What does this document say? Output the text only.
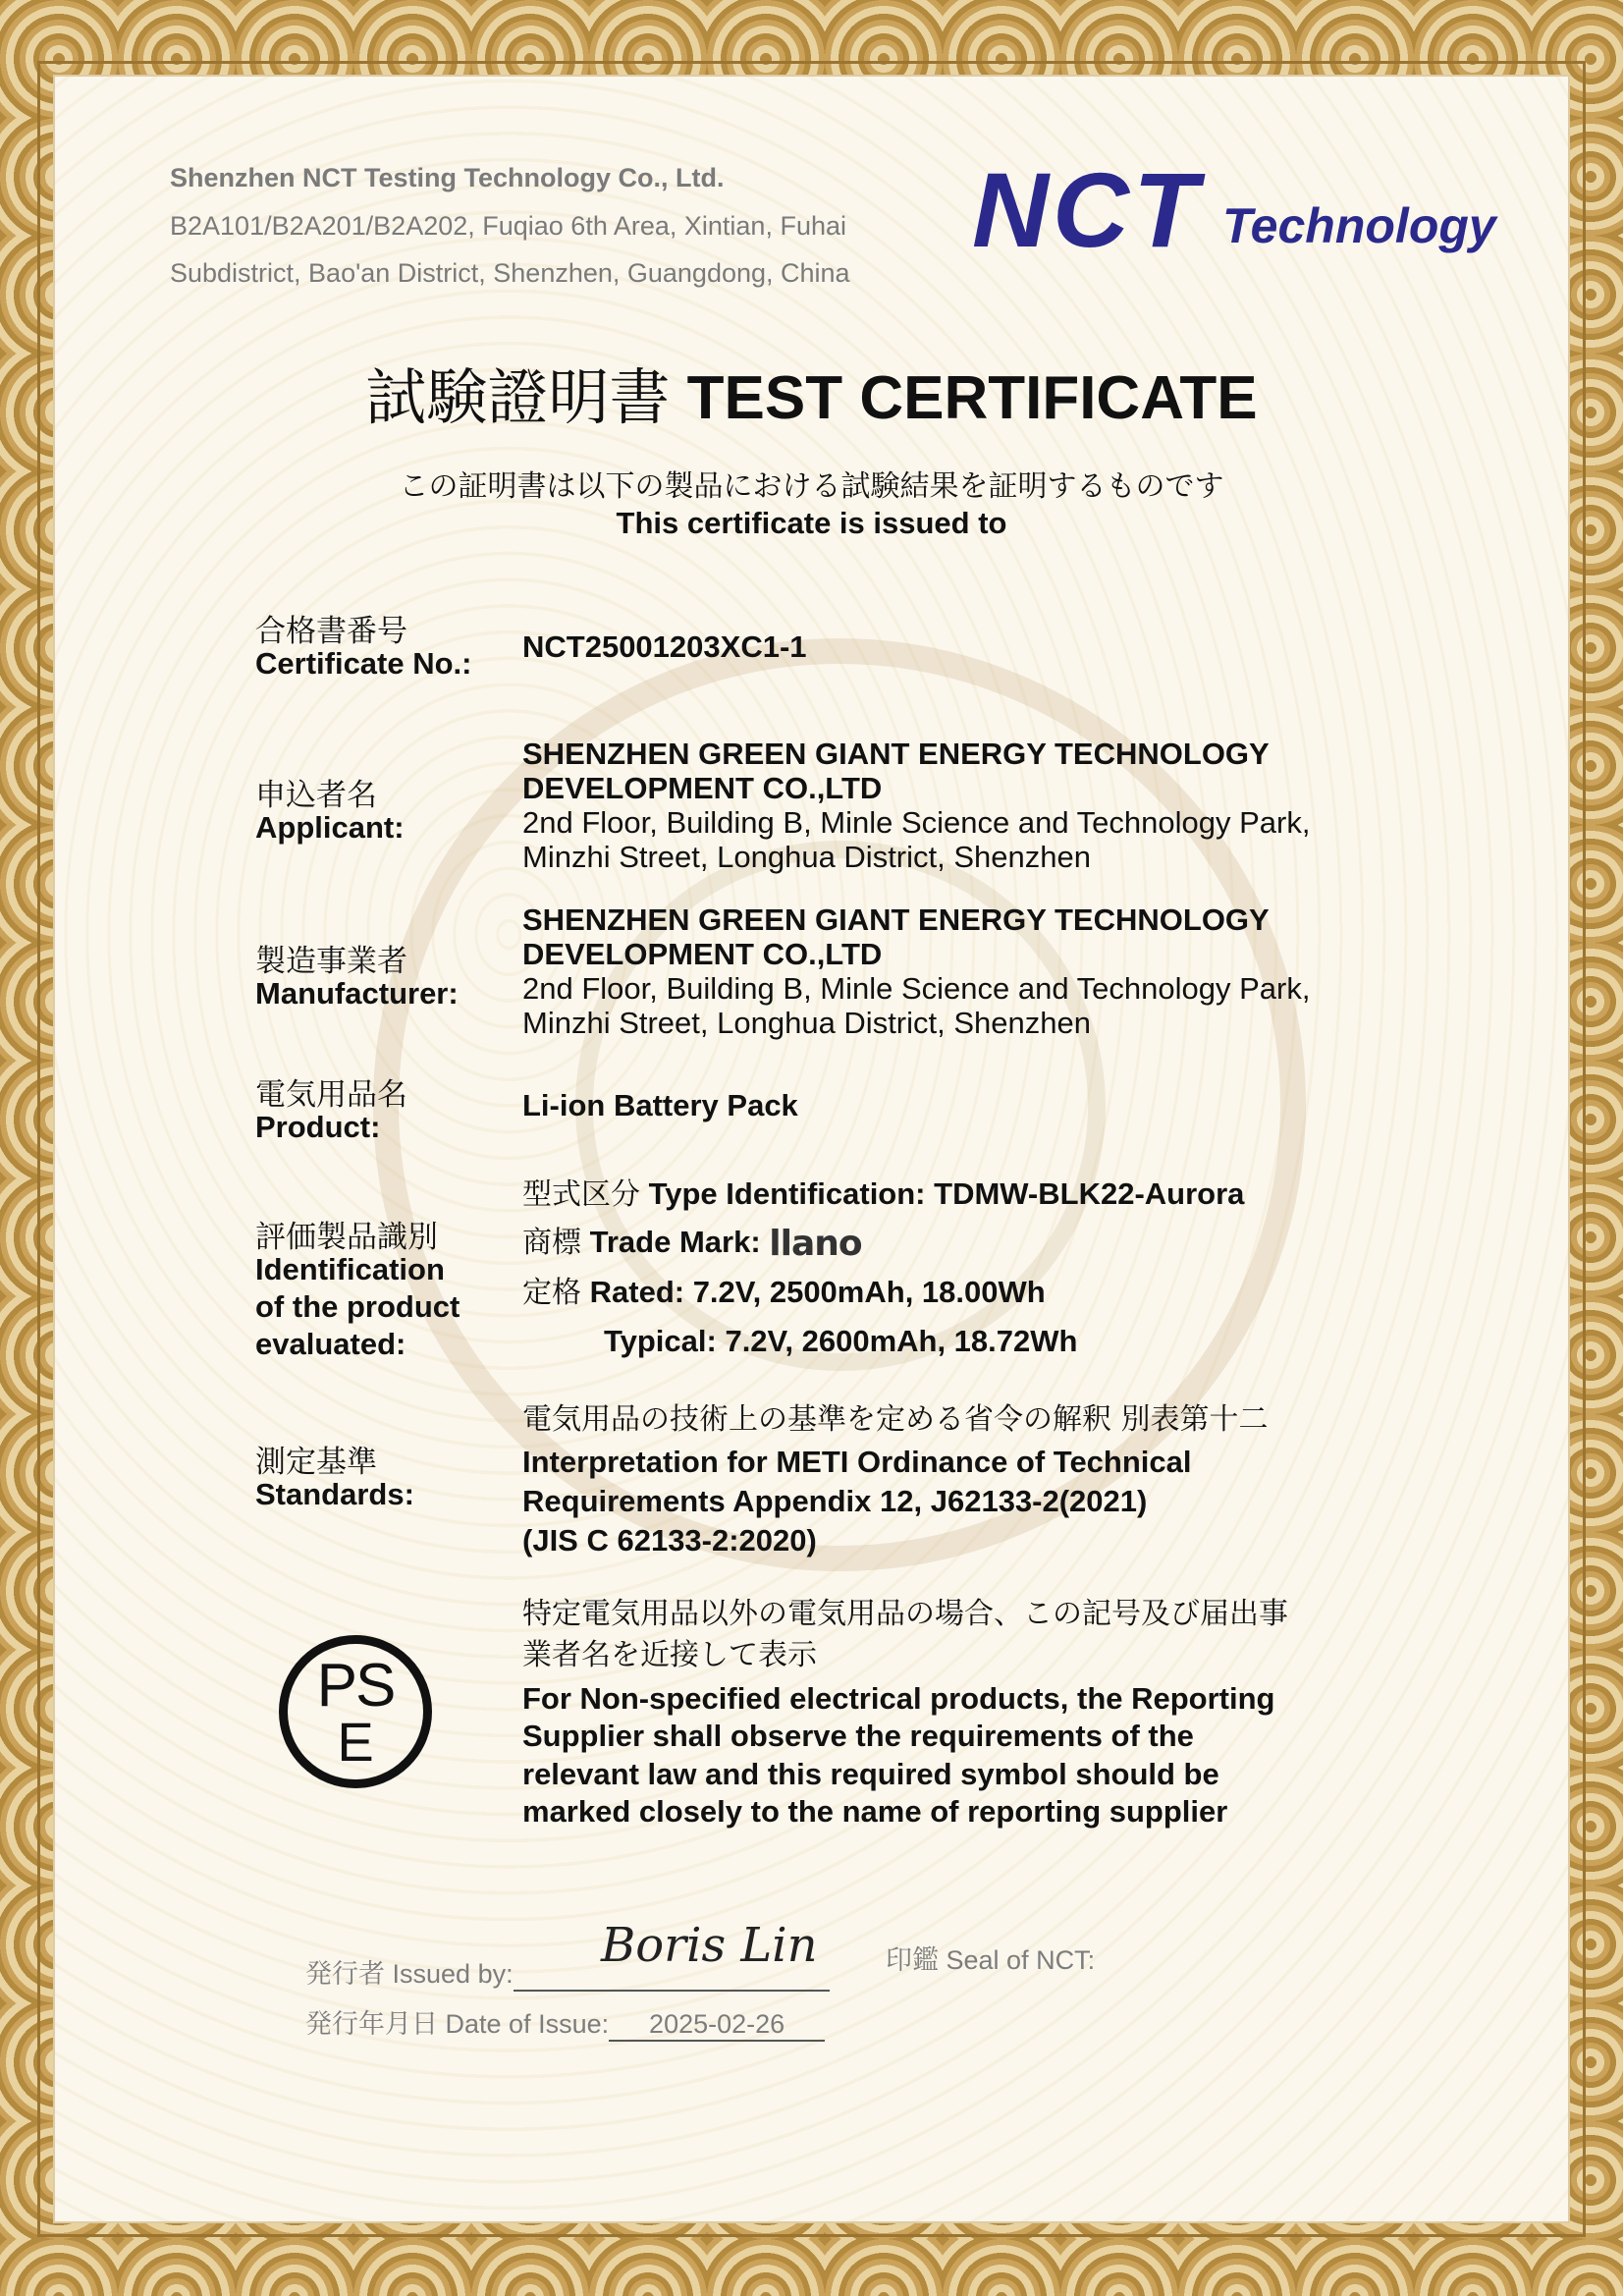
Shenzhen NCT Testing Technology Co., Ltd.
B2A101/B2A201/B2A202, Fuqiao 6th Area, Xintian, Fuhai
Subdistrict, Bao'an District, Shenzhen, Guangdong, China
NCT Technology
試験證明書 TEST CERTIFICATE
この証明書は以下の製品における試験結果を証明するものです
This certificate is issued to
合格書番号
Certificate No.: NCT25001203XC1-1
申込者名
Applicant:
SHENZHEN GREEN GIANT ENERGY TECHNOLOGY
DEVELOPMENT CO.,LTD
2nd Floor, Building B, Minle Science and Technology Park,
Minzhi Street, Longhua District, Shenzhen
製造事業者
Manufacturer:
SHENZHEN GREEN GIANT ENERGY TECHNOLOGY
DEVELOPMENT CO.,LTD
2nd Floor, Building B, Minle Science and Technology Park,
Minzhi Street, Longhua District, Shenzhen
電気用品名
Product:
Li-ion Battery Pack
評価製品識別
Identification
of the product
evaluated:
型式区分 Type Identification: TDMW-BLK22-Aurora
商標 Trade Mark: llano
定格 Rated: 7.2V, 2500mAh, 18.00Wh
Typical: 7.2V, 2600mAh, 18.72Wh
測定基準
Standards:
電気用品の技術上の基準を定める省令の解釈 別表第十二
Interpretation for METI Ordinance of Technical
Requirements Appendix 12, J62133-2(2021)
(JIS C 62133-2:2020)
PS
E
特定電気用品以外の電気用品の場合、この記号及び届出事
業者名を近接して表示
For Non-specified electrical products, the Reporting
Supplier shall observe the requirements of the
relevant law and this required symbol should be
marked closely to the name of reporting supplier
発行者 Issued by:
Boris Lin	印鑑 Seal of NCT:
発行年月日 Date of Issue: 2025-02-26
